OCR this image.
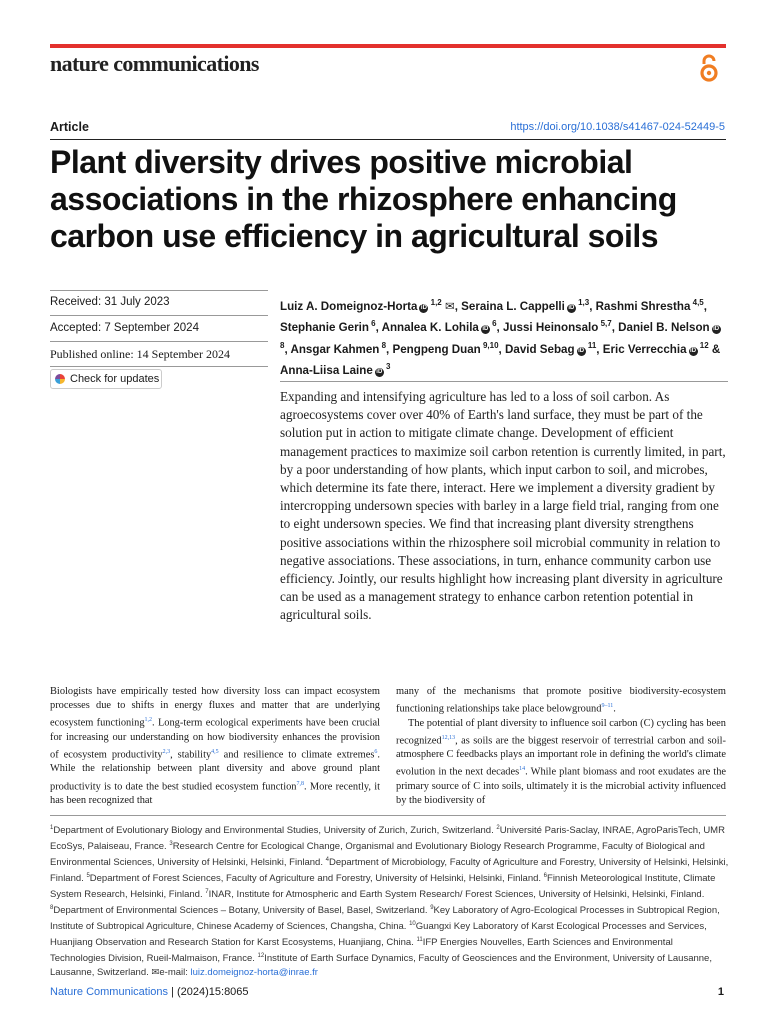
nature communications
Article	https://doi.org/10.1038/s41467-024-52449-5
Plant diversity drives positive microbial associations in the rhizosphere enhancing carbon use efficiency in agricultural soils
Received: 31 July 2023
Accepted: 7 September 2024
Published online: 14 September 2024
Check for updates
Luiz A. Domeignoz-Horta iD $^{1,2}$ ✉, Seraina L. Cappelli iD $^{1,3}$, Rashmi Shrestha $^{4,5}$, Stephanie Gerin $^6$, Annalea K. Lohila iD $^6$, Jussi Heinonsalo $^{5,7}$, Daniel B. Nelson iD $^8$, Ansgar Kahmen $^8$, Pengpeng Duan $^{9,10}$, David Sebag iD $^{11}$, Eric Verrecchia iD $^{12}$ & Anna-Liisa Laine iD $^3$

Expanding and intensifying agriculture has led to a loss of soil carbon. As agroecosystems cover over 40% of Earth's land surface, they must be part of the solution put in action to mitigate climate change. Development of efficient management practices to maximize soil carbon retention is currently limited, in part, by a poor understanding of how plants, which input carbon to soil, and microbes, which determine its fate there, interact. Here we implement a diversity gradient by intercropping undersown species with barley in a large field trial, ranging from one to eight undersown species. We find that increasing plant diversity strengthens positive associations within the rhizosphere soil microbial community in relation to negative associations. These associations, in turn, enhance community carbon use efficiency. Jointly, our results highlight how increasing plant diversity in agriculture can be used as a management strategy to enhance carbon retention potential in agricultural soils.

Biologists have empirically tested how diversity loss can impact ecosystem processes due to shifts in energy fluxes and matter that are underlying ecosystem functioning$^{1,2}$. Long-term ecological experiments have been crucial for increasing our understanding on how biodiversity enhances the provision of ecosystem productivity$^{2,3}$, stability$^{4,5}$ and resilience to climate extremes$^6$. While the relationship between plant diversity and above ground plant productivity is to date the best studied ecosystem function$^{7,8}$. More recently, it has been recognized that

many of the mechanisms that promote positive biodiversity-ecosystem functioning relationships take place belowground$^{9-11}$.

The potential of plant diversity to influence soil carbon (C) cycling has been recognized$^{12,13}$, as soils are the biggest reservoir of terrestrial carbon and soil-atmosphere C feedbacks plays an important role in defining the world's climate evolution in the next decades$^{14}$. While plant biomass and root exudates are the primary source of C into soils, ultimately it is the microbial activity influenced by the biodiversity of

$^1$Department of Evolutionary Biology and Environmental Studies, University of Zurich, Zurich, Switzerland. $^2$Université Paris-Saclay, INRAE, AgroParisTech, UMR EcoSys, Palaiseau, France. $^3$Research Centre for Ecological Change, Organismal and Evolutionary Biology Research Programme, Faculty of Biological and Environmental Sciences, University of Helsinki, Helsinki, Finland. $^4$Department of Microbiology, Faculty of Agriculture and Forestry, University of Helsinki, Helsinki, Finland. $^5$Department of Forest Sciences, Faculty of Agriculture and Forestry, University of Helsinki, Helsinki, Finland. $^6$Finnish Meteorological Institute, Climate System Research, Helsinki, Finland. $^7$INAR, Institute for Atmospheric and Earth System Research/ Forest Sciences, University of Helsinki, Helsinki, Finland. $^8$Department of Environmental Sciences – Botany, University of Basel, Basel, Switzerland. $^9$Key Laboratory of Agro-Ecological Processes in Subtropical Region, Institute of Subtropical Agriculture, Chinese Academy of Sciences, Changsha, China. $^{10}$Guangxi Key Laboratory of Karst Ecological Processes and Services, Huanjiang Observation and Research Station for Karst Ecosystems, Huanjiang, China. $^{11}$IFP Energies Nouvelles, Earth Sciences and Environmental Technologies Division, Rueil-Malmaison, France. $^{12}$Institute of Earth Surface Dynamics, Faculty of Geosciences and the Environment, University of Lausanne, Lausanne, Switzerland. ✉e-mail: luiz.domeignoz-horta@inrae.fr

Nature Communications | (2024)15:8065	1
